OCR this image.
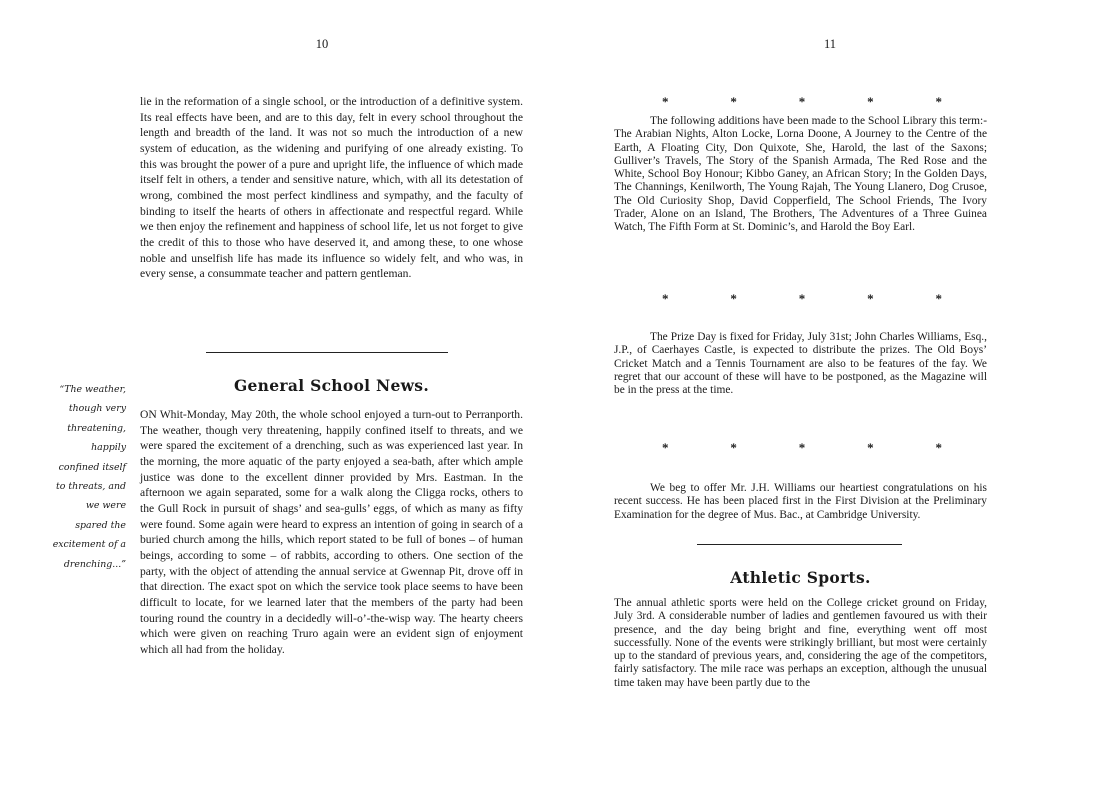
10

lie in the reformation of a single school, or the introduction of a definitive system. Its real effects have been, and are to this day, felt in every school throughout the length and breadth of the land. It was not so much the introduction of a new system of education, as the widening and purifying of one already existing. To this was brought the power of a pure and upright life, the influence of which made itself felt in others, a tender and sensitive nature, which, with all its detestation of wrong, combined the most perfect kindliness and sympathy, and the faculty of binding to itself the hearts of others in affectionate and respectful regard. While we then enjoy the refinement and happiness of school life, let us not forget to give the credit of this to those who have deserved it, and among these, to one whose noble and unselfish life has made its influence so widely felt, and who was, in every sense, a consummate teacher and pattern gentleman.

General School News.
“The weather, though very threatening, happily confined itself to threats, and we were spared the excitement of a drenching...”

ON Whit-Monday, May 20th, the whole school enjoyed a turn-out to Perranporth. The weather, though very threatening, happily confined itself to threats, and we were spared the excitement of a drenching, such as was experienced last year. In the morning, the more aquatic of the party enjoyed a sea-bath, after which ample justice was done to the excellent dinner provided by Mrs. Eastman. In the afternoon we again separated, some for a walk along the Cligga rocks, others to the Gull Rock in pursuit of shags’ and sea-gulls’ eggs, of which as many as fifty were found. Some again were heard to express an intention of going in search of a buried church among the hills, which report stated to be full of bones – of human beings, according to some – of rabbits, according to others. One section of the party, with the object of attending the annual service at Gwennap Pit, drove off in that direction. The exact spot on which the service took place seems to have been difficult to locate, for we learned later that the members of the party had been touring round the country in a decidedly will-o’-the-wisp way. The hearty cheers which were given on reaching Truro again were an evident sign of enjoyment which all had from the holiday.

11
*	*	*	*	*

The following additions have been made to the School Library this term:- The Arabian Nights, Alton Locke, Lorna Doone, A Journey to the Centre of the Earth, A Floating City, Don Quixote, She, Harold, the last of the Saxons; Gulliver’s Travels, The Story of the Spanish Armada, The Red Rose and the White, School Boy Honour; Kibbo Ganey, an African Story; In the Golden Days, The Channings, Kenilworth, The Young Rajah, The Young Llanero, Dog Crusoe, The Old Curiosity Shop, David Copperfield, The School Friends, The Ivory Trader, Alone on an Island, The Brothers, The Adventures of a Three Guinea Watch, The Fifth Form at St. Dominic’s, and Harold the Boy Earl.

*	*	*	*	*

The Prize Day is fixed for Friday, July 31st; John Charles Williams, Esq., J.P., of Caerhayes Castle, is expected to distribute the prizes. The Old Boys’ Cricket Match and a Tennis Tournament are also to be features of the fay. We regret that our account of these will have to be postponed, as the Magazine will be in the press at the time.

*	*	*	*	*

We beg to offer Mr. J.H. Williams our heartiest congratulations on his recent success. He has been placed first in the First Division at the Preliminary Examination for the degree of Mus. Bac., at Cambridge University.

Athletic Sports.

The annual athletic sports were held on the College cricket ground on Friday, July 3rd. A considerable number of ladies and gentlemen favoured us with their presence, and the day being bright and fine, everything went off most successfully. None of the events were strikingly brilliant, but most were certainly up to the standard of previous years, and, considering the age of the competitors, fairly satisfactory. The mile race was perhaps an exception, although the unusual time taken may have been partly due to the
